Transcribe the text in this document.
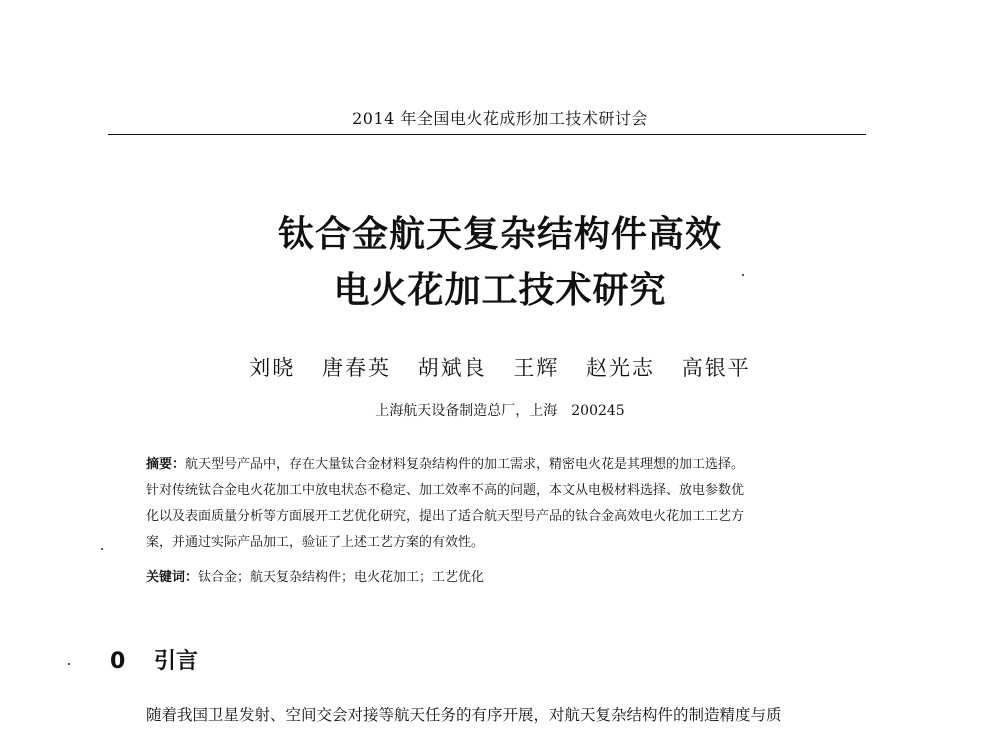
2014 年全国电火花成形加工技术研讨会
钛合金航天复杂结构件高效
电火花加工技术研究
刘晓 唐春英 胡斌良 王辉 赵光志 高银平
上海航天设备制造总厂，上海　200245

摘要：航天型号产品中，存在大量钛合金材料复杂结构件的加工需求，精密电火花是其理想的加工选择。

针对传统钛合金电火花加工中放电状态不稳定、加工效率不高的问题，本文从电极材料选择、放电参数优

化以及表面质量分析等方面展开工艺优化研究，提出了适合航天型号产品的钛合金高效电火花加工工艺方

案，并通过实际产品加工，验证了上述工艺方案的有效性。

关键词：钛合金；航天复杂结构件；电火花加工；工艺优化
0 引言
随着我国卫星发射、空间交会对接等航天任务的有序开展，对航天复杂结构件的制造精度与质
